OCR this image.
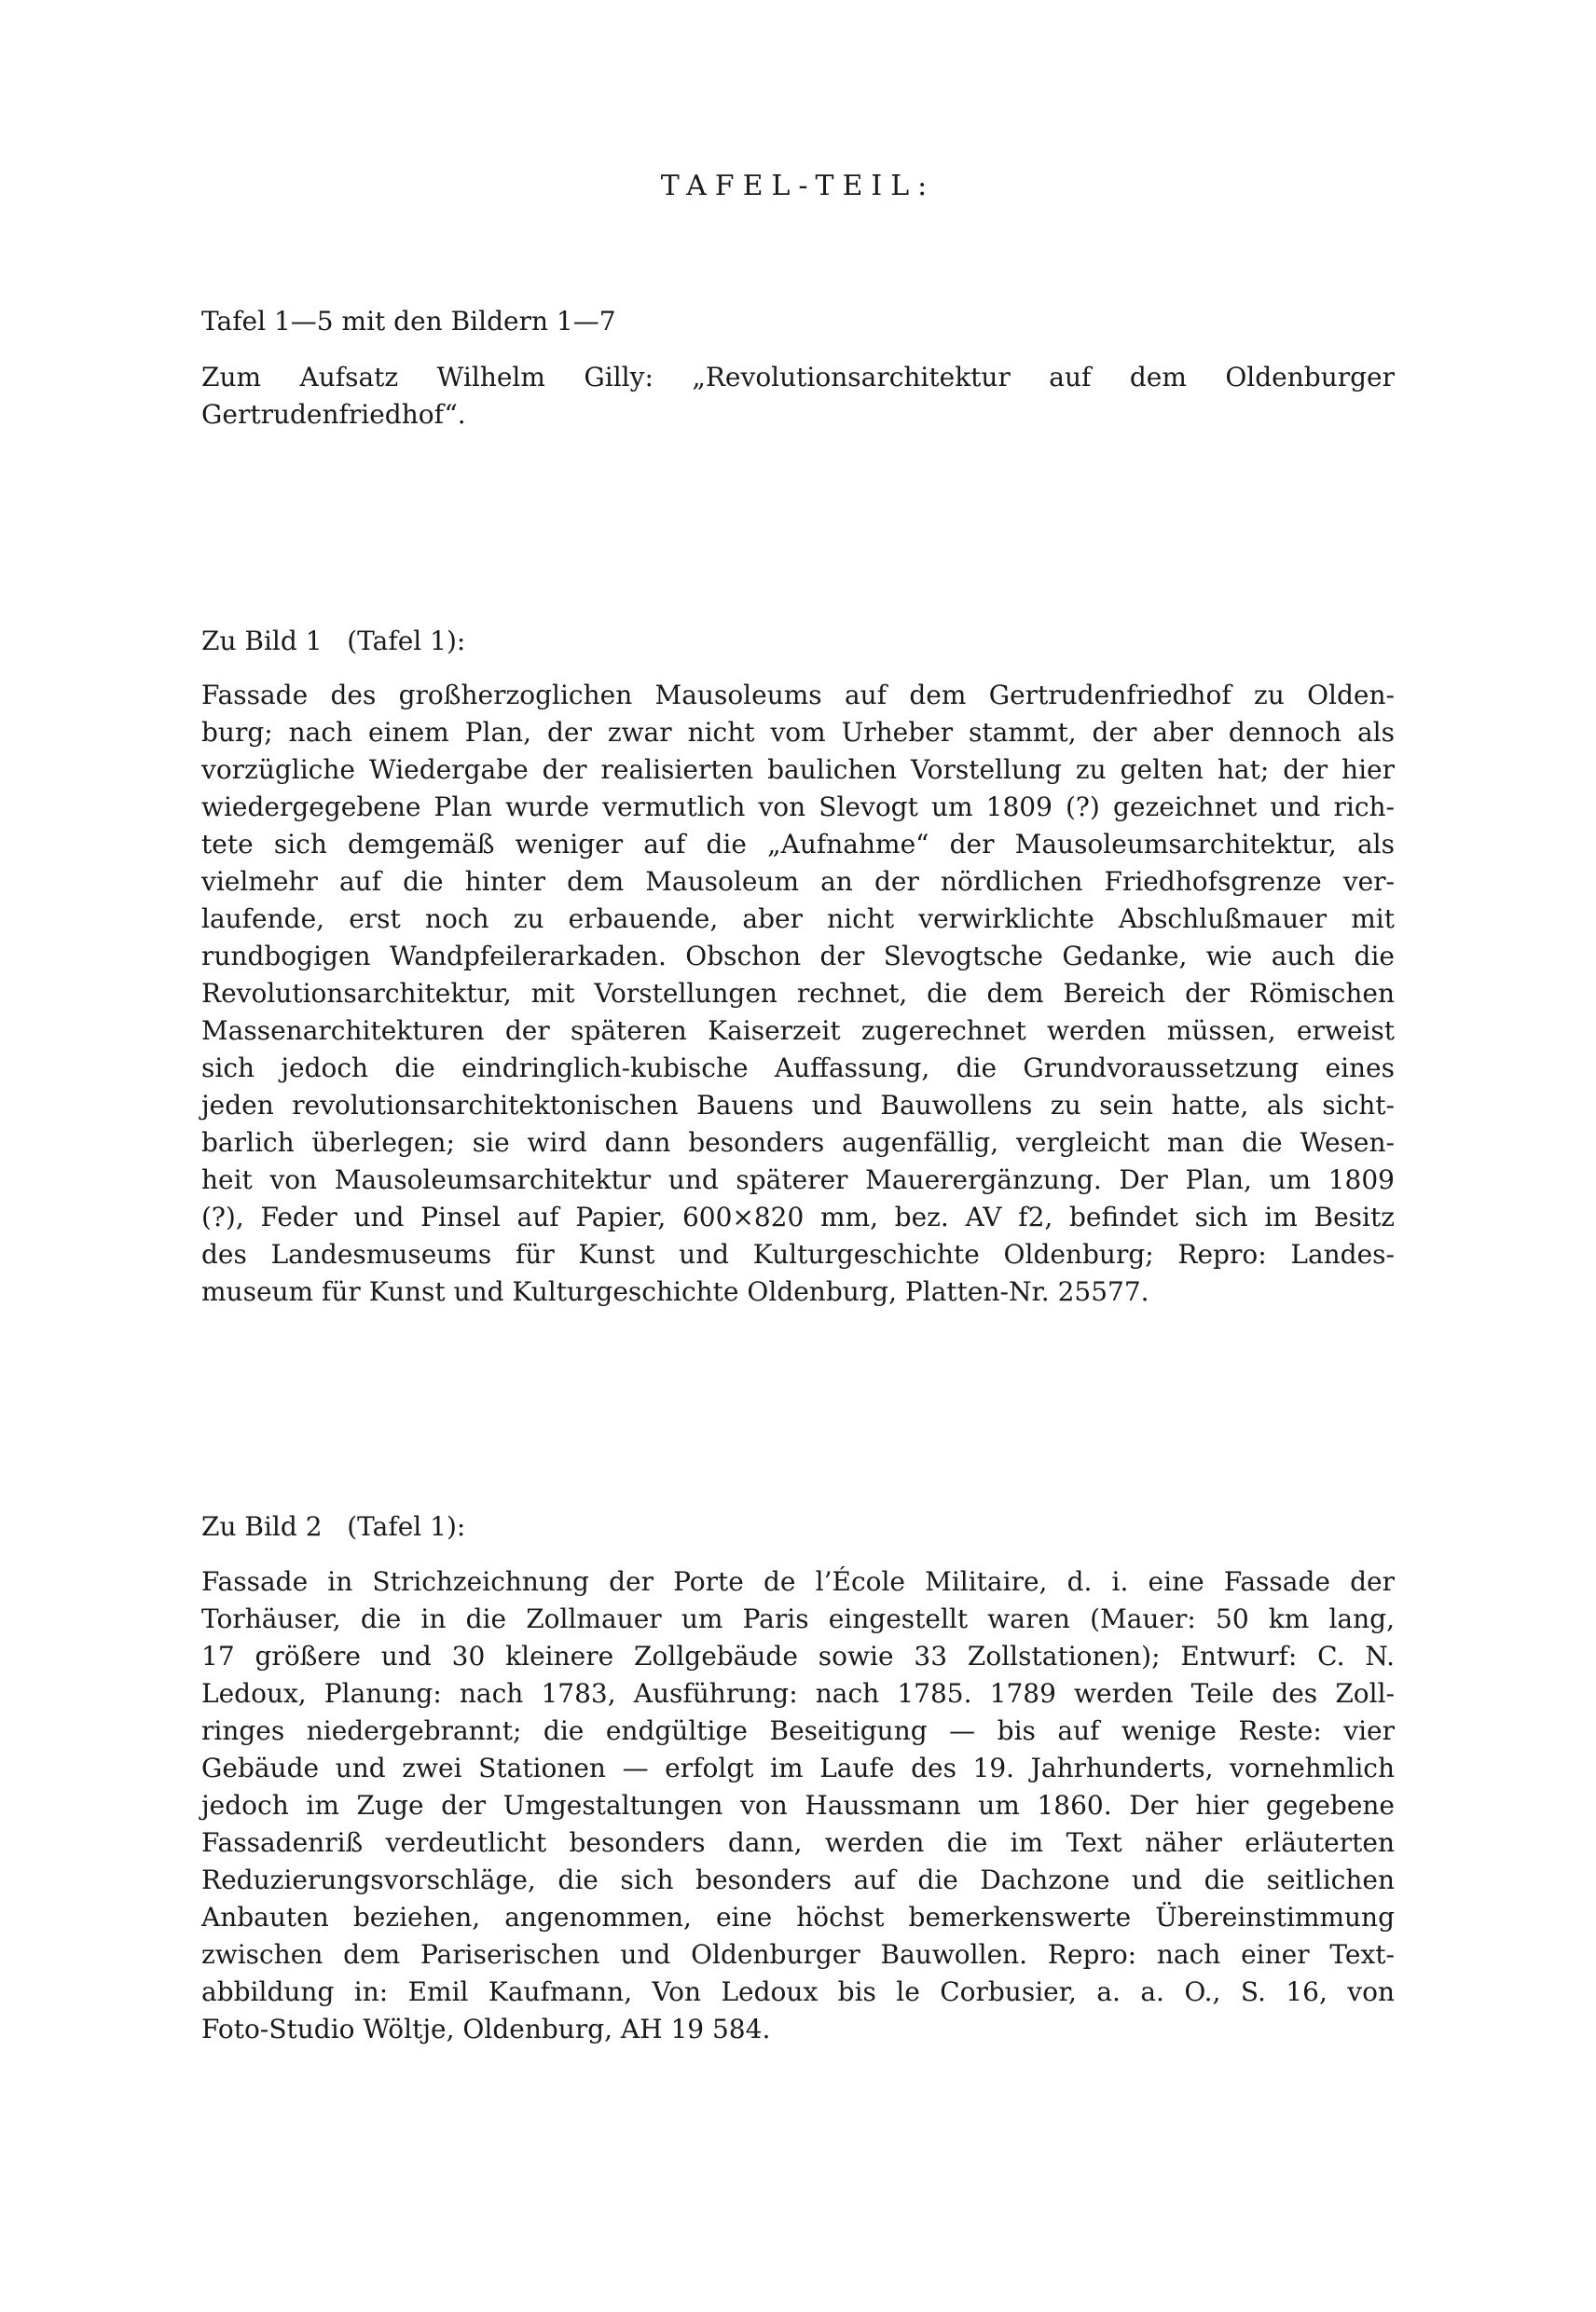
TAFEL-TEIL:
Tafel 1—5 mit den Bildern 1—7
Zum Aufsatz Wilhelm Gilly: „Revolutionsarchitektur auf dem Oldenburger
Gertrudenfriedhof“.
Zu Bild 1   (Tafel 1):
Fassade des großherzoglichen Mausoleums auf dem Gertrudenfriedhof zu Olden-
burg; nach einem Plan, der zwar nicht vom Urheber stammt, der aber dennoch als
vorzügliche Wiedergabe der realisierten baulichen Vorstellung zu gelten hat; der hier
wiedergegebene Plan wurde vermutlich von Slevogt um 1809 (?) gezeichnet und rich-
tete sich demgemäß weniger auf die „Aufnahme“ der Mausoleumsarchitektur, als
vielmehr auf die hinter dem Mausoleum an der nördlichen Friedhofsgrenze ver-
laufende, erst noch zu erbauende, aber nicht verwirklichte Abschlußmauer mit
rundbogigen Wandpfeilerarkaden. Obschon der Slevogtsche Gedanke, wie auch die
Revolutionsarchitektur, mit Vorstellungen rechnet, die dem Bereich der Römischen
Massenarchitekturen der späteren Kaiserzeit zugerechnet werden müssen, erweist
sich jedoch die eindringlich-kubische Auffassung, die Grundvoraussetzung eines
jeden revolutionsarchitektonischen Bauens und Bauwollens zu sein hatte, als sicht-
barlich überlegen; sie wird dann besonders augenfällig, vergleicht man die Wesen-
heit von Mausoleumsarchitektur und späterer Mauerergänzung. Der Plan, um 1809
(?), Feder und Pinsel auf Papier, 600×820 mm, bez. AV f2, befindet sich im Besitz
des Landesmuseums für Kunst und Kulturgeschichte Oldenburg; Repro: Landes-
museum für Kunst und Kulturgeschichte Oldenburg, Platten-Nr. 25577.
Zu Bild 2   (Tafel 1):
Fassade in Strichzeichnung der Porte de l’École Militaire, d. i. eine Fassade der
Torhäuser, die in die Zollmauer um Paris eingestellt waren (Mauer: 50 km lang,
17 größere und 30 kleinere Zollgebäude sowie 33 Zollstationen); Entwurf: C. N.
Ledoux, Planung: nach 1783, Ausführung: nach 1785. 1789 werden Teile des Zoll-
ringes niedergebrannt; die endgültige Beseitigung — bis auf wenige Reste: vier
Gebäude und zwei Stationen — erfolgt im Laufe des 19. Jahrhunderts, vornehmlich
jedoch im Zuge der Umgestaltungen von Haussmann um 1860. Der hier gegebene
Fassadenriß verdeutlicht besonders dann, werden die im Text näher erläuterten
Reduzierungsvorschläge, die sich besonders auf die Dachzone und die seitlichen
Anbauten beziehen, angenommen, eine höchst bemerkenswerte Übereinstimmung
zwischen dem Pariserischen und Oldenburger Bauwollen. Repro: nach einer Text-
abbildung in: Emil Kaufmann, Von Ledoux bis le Corbusier, a. a. O., S. 16, von
Foto-Studio Wöltje, Oldenburg, AH 19 584.
